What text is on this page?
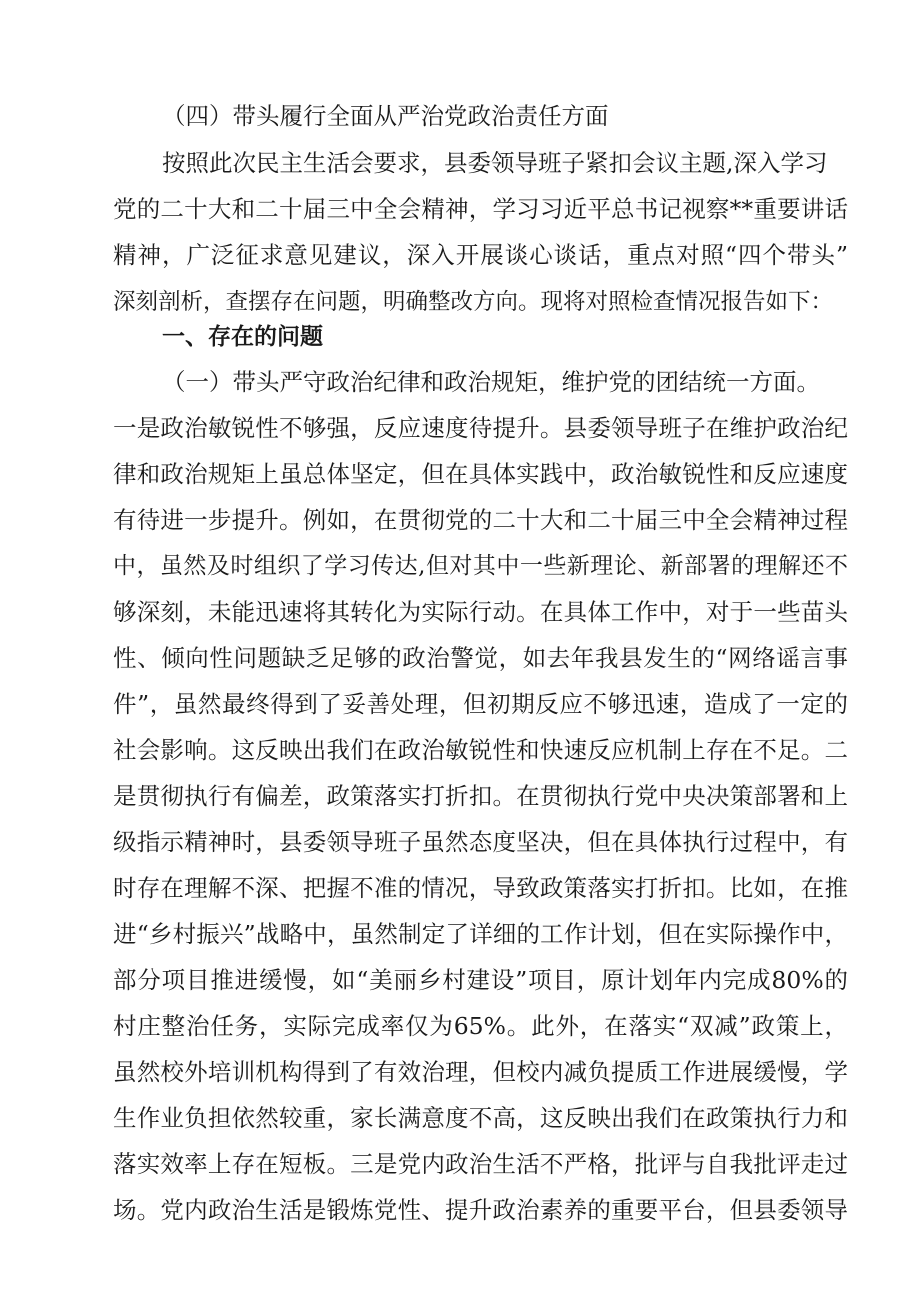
（四）带头履行全面从严治党政治责任方面

按照此次民主生活会要求，县委领导班子紧扣会议主题,深入学习

党的二十大和二十届三中全会精神，学习习近平总书记视察**重要讲话

精神，广泛征求意见建议，深入开展谈心谈话，重点对照“四个带头”

深刻剖析，查摆存在问题，明确整改方向。现将对照检查情况报告如下：

一、存在的问题

（一）带头严守政治纪律和政治规矩，维护党的团结统一方面。

一是政治敏锐性不够强，反应速度待提升。县委领导班子在维护政治纪

律和政治规矩上虽总体坚定，但在具体实践中，政治敏锐性和反应速度

有待进一步提升。例如，在贯彻党的二十大和二十届三中全会精神过程

中，虽然及时组织了学习传达,但对其中一些新理论、新部署的理解还不

够深刻，未能迅速将其转化为实际行动。在具体工作中，对于一些苗头

性、倾向性问题缺乏足够的政治警觉，如去年我县发生的“网络谣言事

件”，虽然最终得到了妥善处理，但初期反应不够迅速，造成了一定的

社会影响。这反映出我们在政治敏锐性和快速反应机制上存在不足。二

是贯彻执行有偏差，政策落实打折扣。在贯彻执行党中央决策部署和上

级指示精神时，县委领导班子虽然态度坚决，但在具体执行过程中，有

时存在理解不深、把握不准的情况，导致政策落实打折扣。比如，在推

进“乡村振兴”战略中，虽然制定了详细的工作计划，但在实际操作中，

部分项目推进缓慢，如“美丽乡村建设”项目，原计划年内完成80%的

村庄整治任务，实际完成率仅为65%。此外，在落实“双减”政策上，

虽然校外培训机构得到了有效治理，但校内减负提质工作进展缓慢，学

生作业负担依然较重，家长满意度不高，这反映出我们在政策执行力和

落实效率上存在短板。三是党内政治生活不严格，批评与自我批评走过

场。党内政治生活是锻炼党性、提升政治素养的重要平台，但县委领导
